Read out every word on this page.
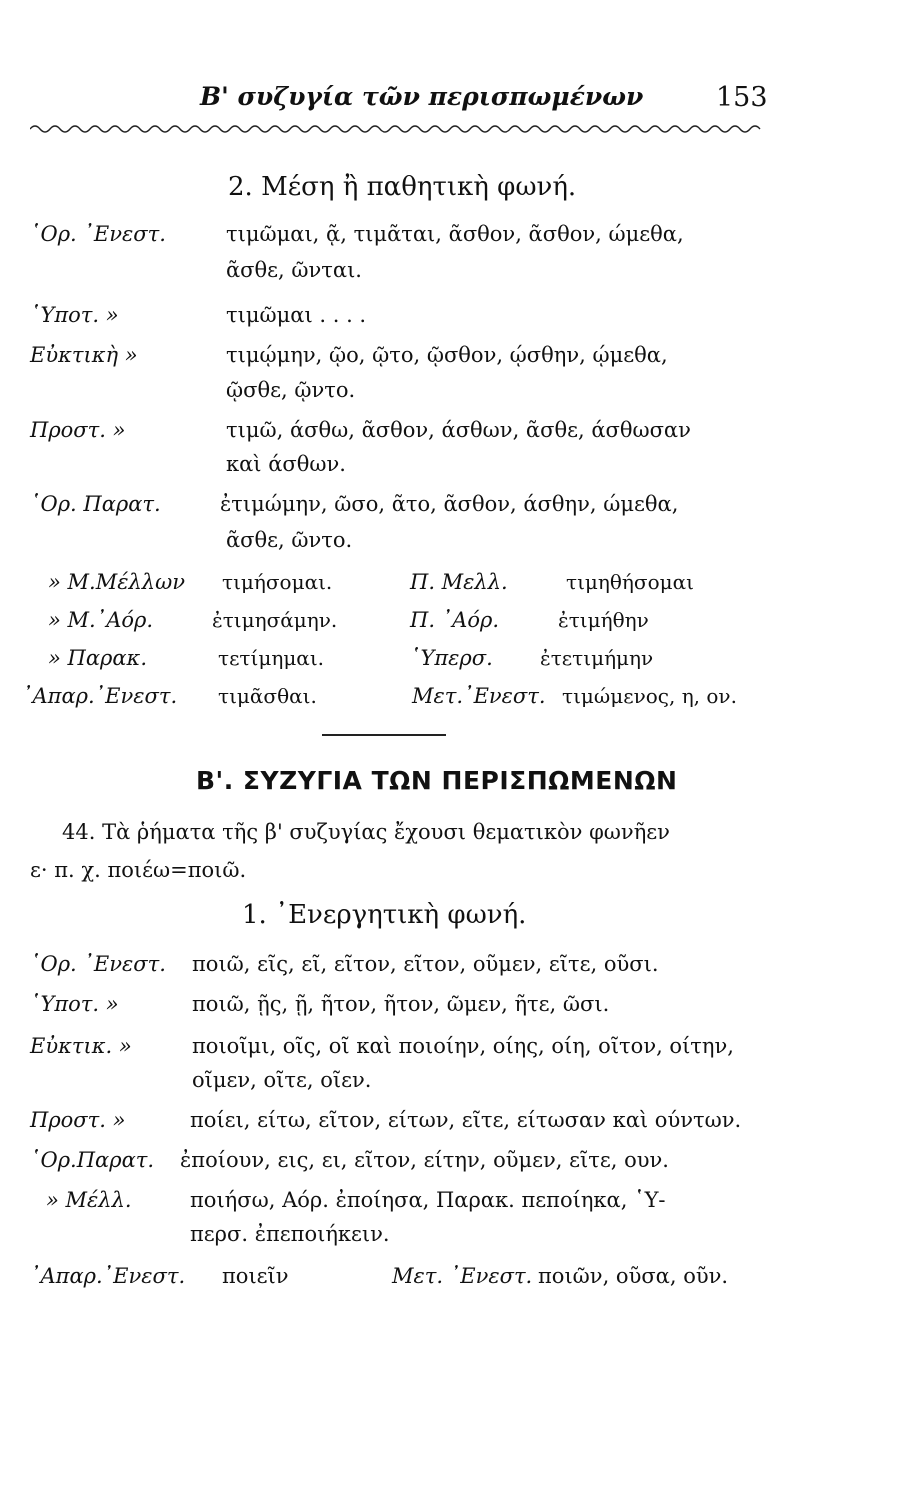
Β' συζυγία τῶν περισπωμένων	153
2. Μέση ἢ παθητικὴ φωνή.
῾Ορ. ᾿Ενεστ.	τιμῶμαι, ᾷ, τιμᾶται, ᾶσθον, ᾶσθον, ώμεθα,
ᾶσθε, ῶνται.
῾Υποτ. »	τιμῶμαι . . . .
Εὐκτικὴ »	τιμῴμην, ῷο, ῷτο, ῷσθον, ῴσθην, ῴμεθα,
ῷσθε, ῷντο.
Προστ. »	τιμῶ, άσθω, ᾶσθον, άσθων, ᾶσθε, άσθωσαν
καὶ άσθων.
῾Ορ. Παρατ.	ἐτιμώμην, ῶσο, ᾶτο, ᾶσθον, άσθην, ώμεθα,
ᾶσθε, ῶντο.
» Μ.Μέλλων τιμήσομαι.	Π. Μελλ.	τιμηθήσομαι
» Μ.᾿Αόρ.	ἐτιμησάμην.	Π. ᾿Αόρ.	ἐτιμήθην
» Παρακ.	τετίμημαι.	῾Υπερσ. ἐτετιμήμην
᾿Απαρ.᾿Ενεστ. τιμᾶσθαι.	Μετ.᾿Ενεστ. τιμώμενος, η, ον.
Β'. ΣΥΖΥΓΙΑ ΤΩΝ ΠΕΡΙΣΠΩΜΕΝΩΝ
44. Τὰ ῥήματα τῆς β' συζυγίας ἔχουσι θεματικὸν φωνῆεν
ε· π. χ. ποιέω=ποιῶ.
1. ᾿Ενεργητικὴ φωνή.
῾Ορ. ᾿Ενεστ. ποιῶ, εῖς, εῖ, εῖτον, εῖτον, οῦμεν, εῖτε, οῦσι.
῾Υποτ. »	ποιῶ, ῇς, ῇ, ῆτον, ῆτον, ῶμεν, ῆτε, ῶσι.
Εὐκτικ. »	ποιοῖμι, οῖς, οῖ καὶ ποιοίην, οίης, οίη, οῖτον, οίτην,
οῖμεν, οῖτε, οῖεν.
Προστ. »	ποίει, είτω, εῖτον, είτων, εῖτε, είτωσαν καὶ ούντων.
῾Ορ.Παρατ. ἐποίουν, εις, ει, εῖτον, είτην, οῦμεν, εῖτε, ουν.
» Μέλλ.	ποιήσω, Αόρ. ἐποίησα, Παρακ. πεποίηκα, ῾Υ-
περσ. ἐπεποιήκειν.
᾿Απαρ.᾿Ενεστ. ποιεῖν	Μετ. ᾿Ενεστ. ποιῶν, οῦσα, οῦν.
